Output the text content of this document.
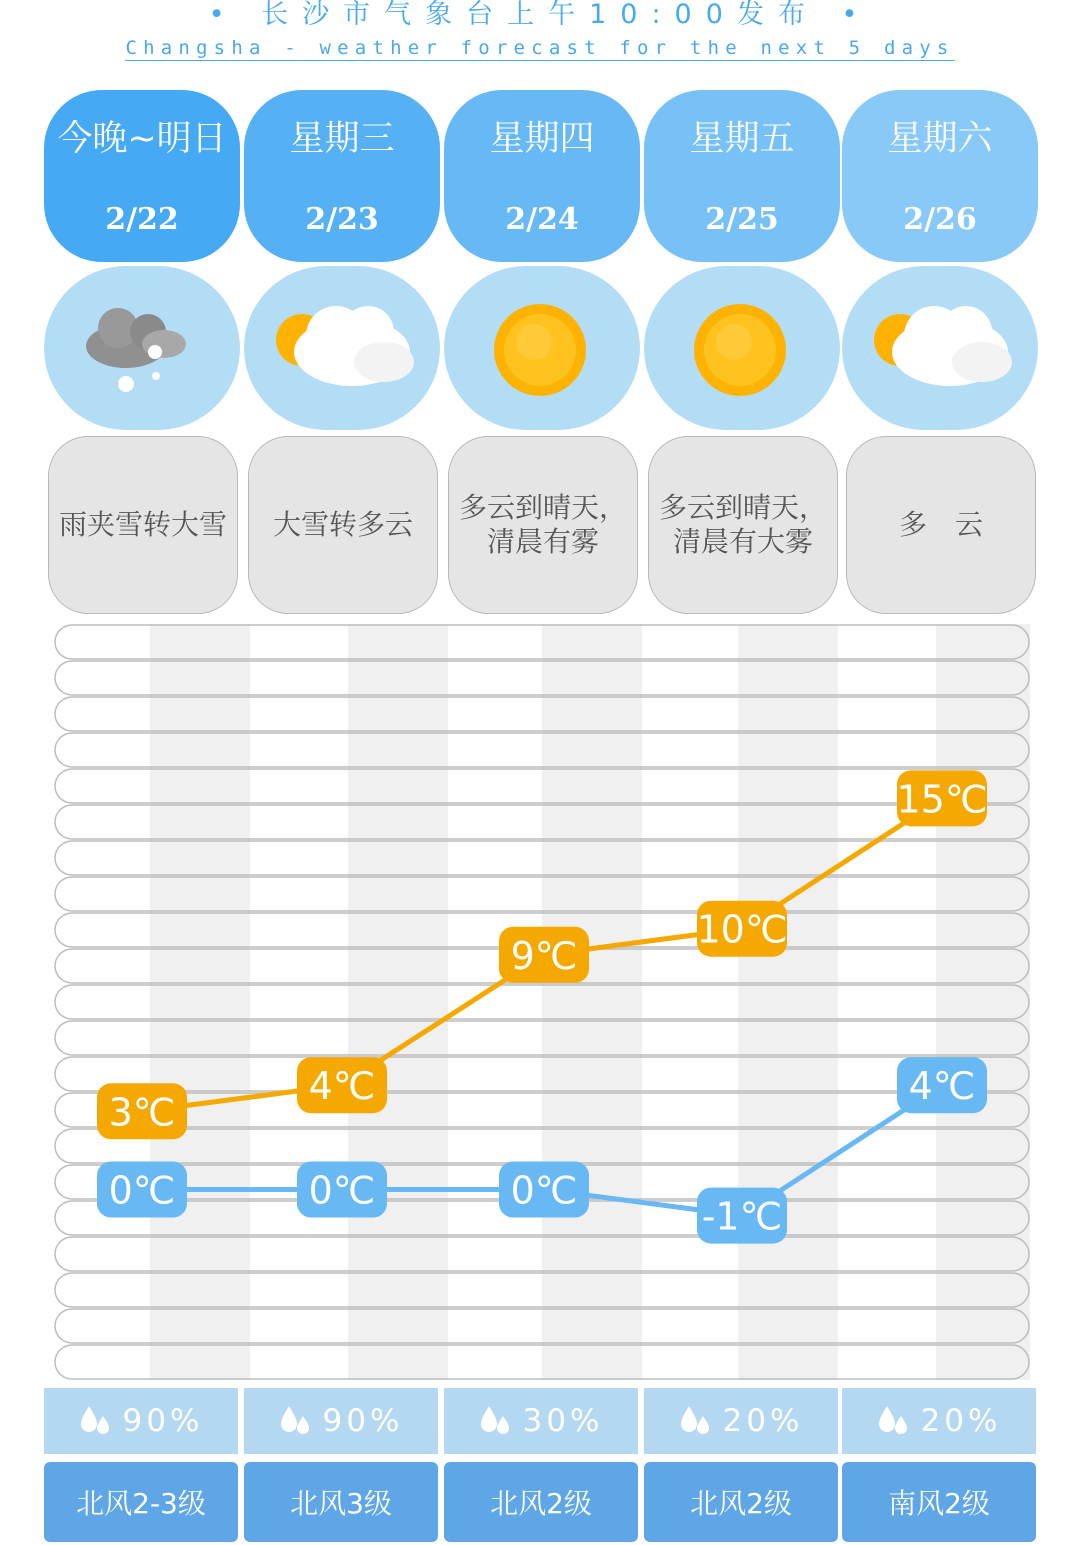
• 长沙市气象台上午10:00发布 •
Changsha - weather forecast for the next 5 days
今晚~明日
2/22
雨夹雪转大雪
90%
北风2-3级
星期三
2/23
大雪转多云
90%
北风3级
星期四
2/24
多云到晴天，清晨有雾
30%
北风2级
星期五
2/25
多云到晴天，清晨有大雾
20%
北风2级
星期六
2/26
多　云
20%
南风2级
3℃
4℃
9℃
10℃
15℃
0℃	0℃	0℃
-1℃
4℃
